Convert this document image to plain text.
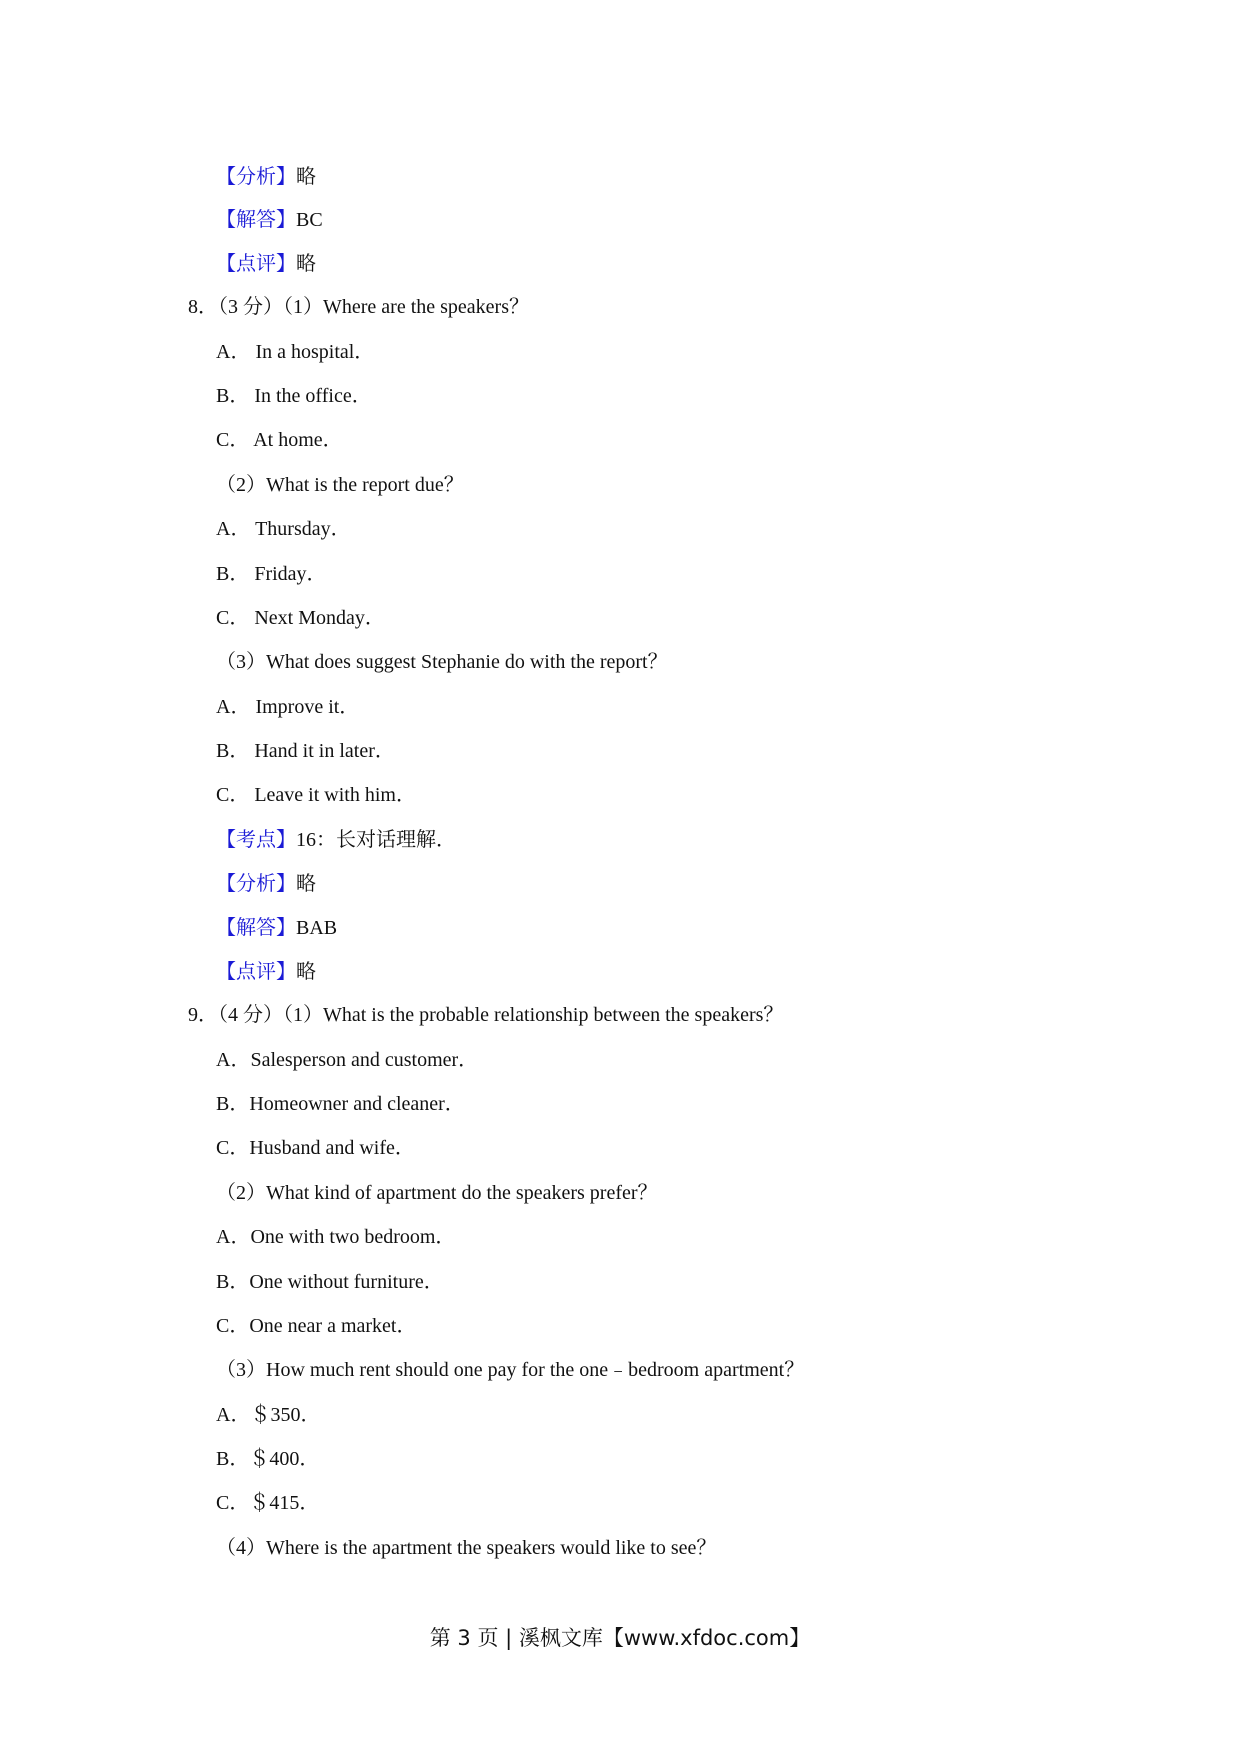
【分析】略
【解答】BC
【点评】略
8．（3 分）（1）Where are the speakers？
A． In a hospital．
B． In the office．
C． At home．
（2）What is the report due？
A． Thursday．
B． Friday．
C． Next Monday．
（3）What does suggest Stephanie do with the report？
A． Improve it．
B． Hand it in later．
C． Leave it with him．
【考点】16：长对话理解．
【分析】略
【解答】BAB
【点评】略
9．（4 分）（1）What is the probable relationship between the speakers？
A．Salesperson and customer．
B．Homeowner and cleaner．
C．Husband and wife．
（2）What kind of apartment do the speakers prefer？
A．One with two bedroom．
B．One without furniture．
C．One near a market．
（3）How much rent should one pay for the one﹣bedroom apartment？
A．＄350．
B．＄400．
C．＄415．
（4）Where is the apartment the speakers would like to see？
第 3 页 | 溪枫文库【www.xfdoc.com】
